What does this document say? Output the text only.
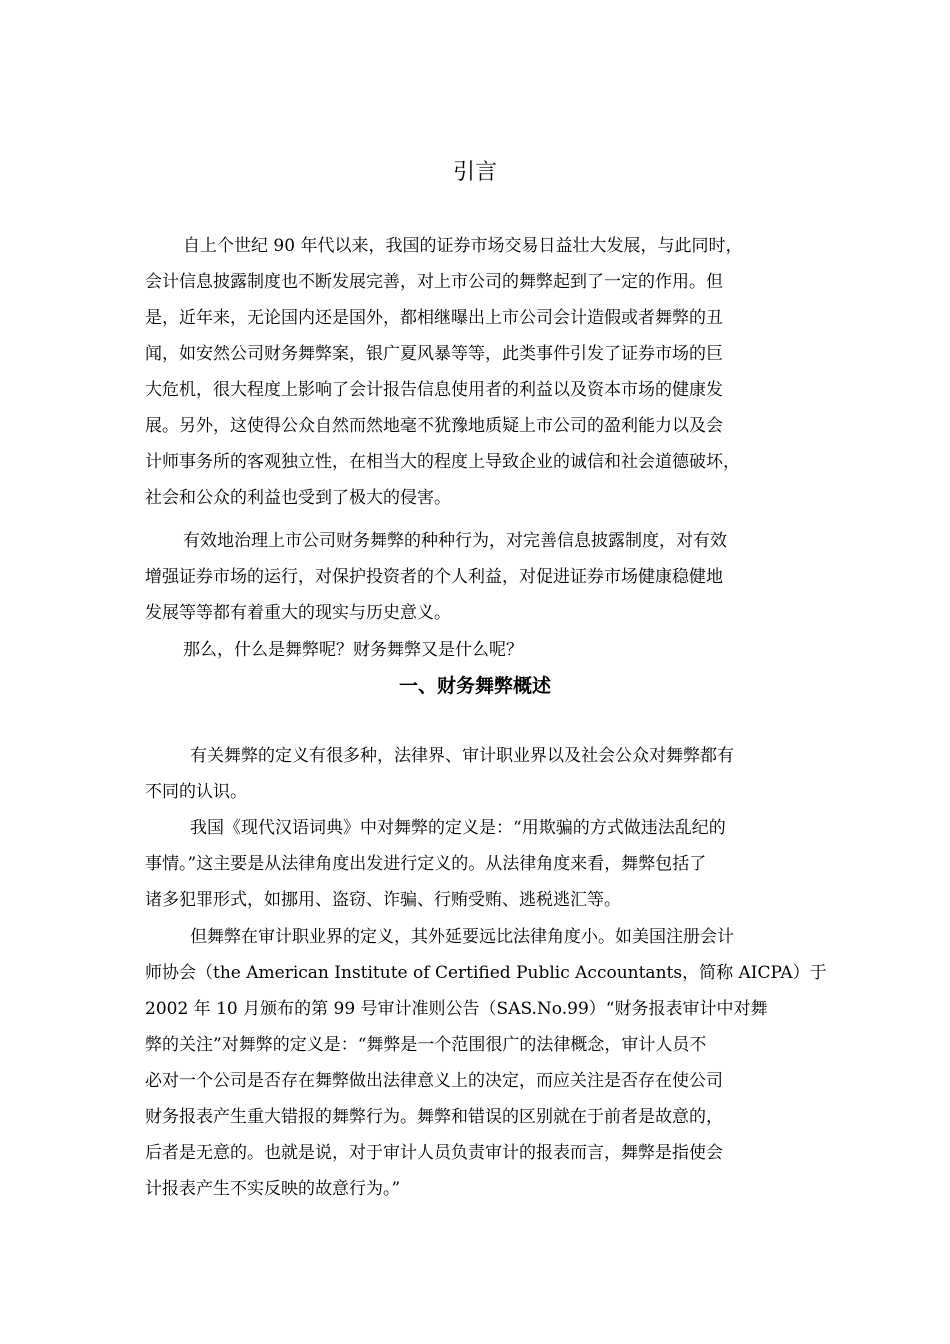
引言
自上个世纪 90 年代以来，我国的证券市场交易日益壮大发展，与此同时，
会计信息披露制度也不断发展完善，对上市公司的舞弊起到了一定的作用。但
是，近年来，无论国内还是国外，都相继曝出上市公司会计造假或者舞弊的丑
闻，如安然公司财务舞弊案，银广夏风暴等等，此类事件引发了证券市场的巨
大危机，很大程度上影响了会计报告信息使用者的利益以及资本市场的健康发
展。另外，这使得公众自然而然地毫不犹豫地质疑上市公司的盈利能力以及会
计师事务所的客观独立性，在相当大的程度上导致企业的诚信和社会道德破坏，
社会和公众的利益也受到了极大的侵害。
有效地治理上市公司财务舞弊的种种行为，对完善信息披露制度，对有效
增强证券市场的运行，对保护投资者的个人利益，对促进证券市场健康稳健地
发展等等都有着重大的现实与历史意义。
那么，什么是舞弊呢？财务舞弊又是什么呢？
一、财务舞弊概述
有关舞弊的定义有很多种，法律界、审计职业界以及社会公众对舞弊都有
不同的认识。
我国《现代汉语词典》中对舞弊的定义是：“用欺骗的方式做违法乱纪的
事情。”这主要是从法律角度出发进行定义的。从法律角度来看，舞弊包括了
诸多犯罪形式，如挪用、盗窃、诈骗、行贿受贿、逃税逃汇等。
但舞弊在审计职业界的定义，其外延要远比法律角度小。如美国注册会计
师协会（the American Institute of Certified Public Accountants，简称 AICPA）于
2002 年 10 月颁布的第 99 号审计准则公告（SAS.No.99）“财务报表审计中对舞
弊的关注”对舞弊的定义是：“舞弊是一个范围很广的法律概念，审计人员不
必对一个公司是否存在舞弊做出法律意义上的决定，而应关注是否存在使公司
财务报表产生重大错报的舞弊行为。舞弊和错误的区别就在于前者是故意的，
后者是无意的。也就是说，对于审计人员负责审计的报表而言，舞弊是指使会
计报表产生不实反映的故意行为。”
